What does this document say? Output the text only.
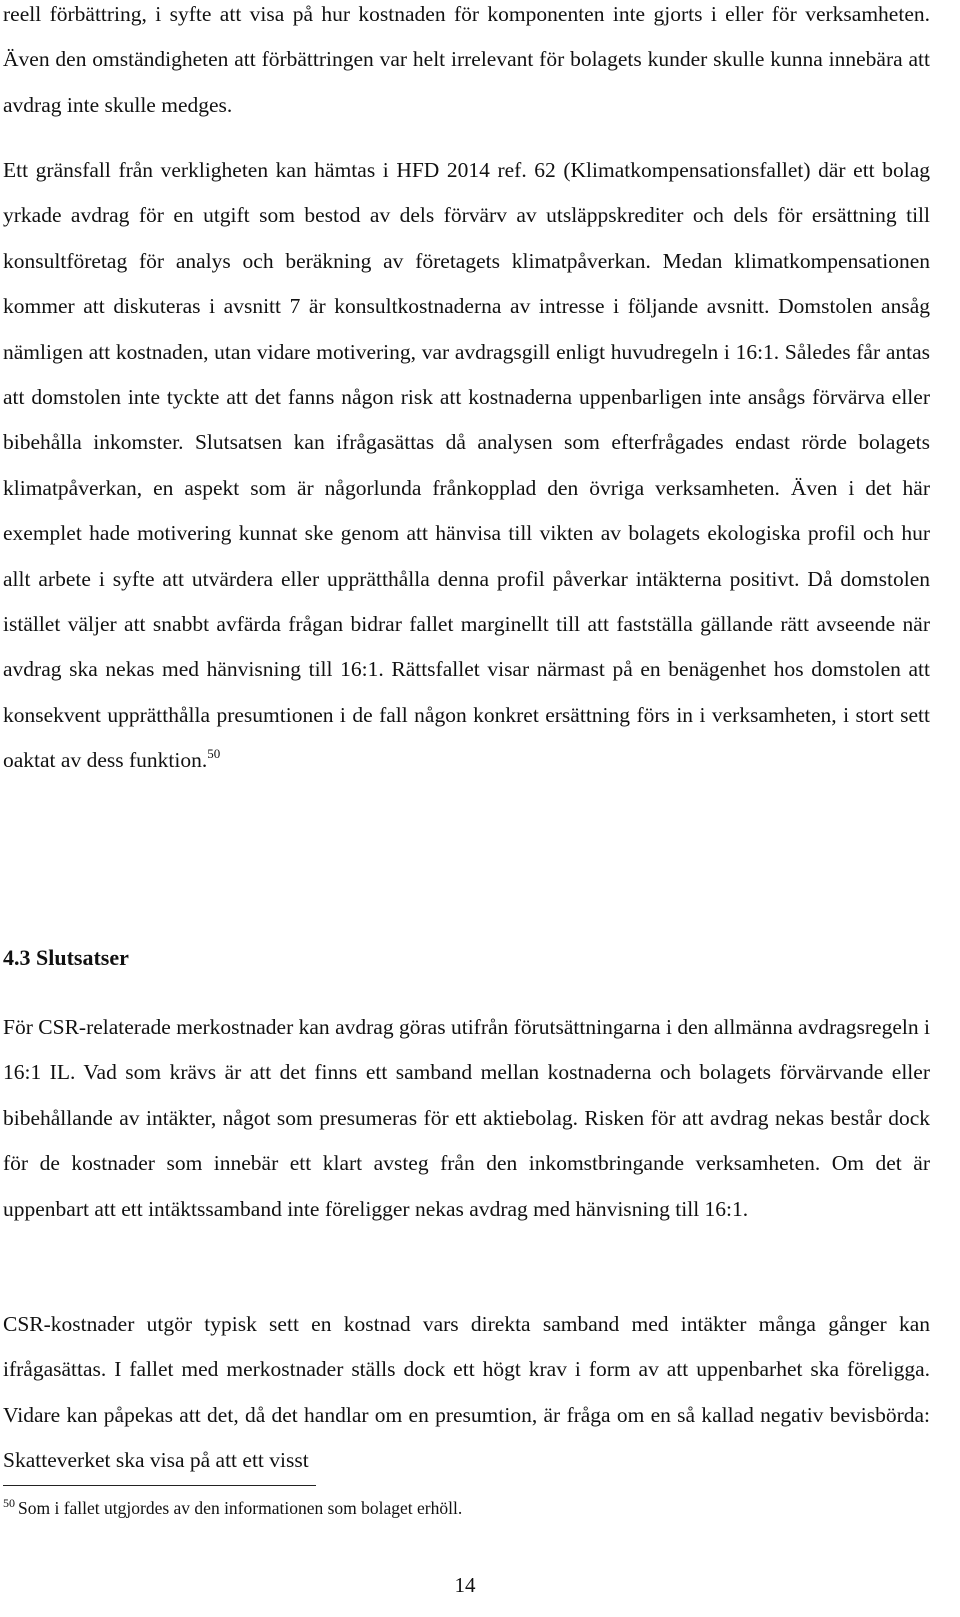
reell förbättring, i syfte att visa på hur kostnaden för komponenten inte gjorts i eller för verksamheten. Även den omständigheten att förbättringen var helt irrelevant för bolagets kunder skulle kunna innebära att avdrag inte skulle medges.

Ett gränsfall från verkligheten kan hämtas i HFD 2014 ref. 62 (Klimatkompensationsfallet) där ett bolag yrkade avdrag för en utgift som bestod av dels förvärv av utsläppskrediter och dels för ersättning till konsultföretag för analys och beräkning av företagets klimatpåverkan. Medan klimatkompensationen kommer att diskuteras i avsnitt 7 är konsultkostnaderna av intresse i följande avsnitt. Domstolen ansåg nämligen att kostnaden, utan vidare motivering, var avdragsgill enligt huvudregeln i 16:1. Således får antas att domstolen inte tyckte att det fanns någon risk att kostnaderna uppenbarligen inte ansågs förvärva eller bibehålla inkomster. Slutsatsen kan ifrågasättas då analysen som efterfrågades endast rörde bolagets klimatpåverkan, en aspekt som är någorlunda frånkopplad den övriga verksamheten. Även i det här exemplet hade motivering kunnat ske genom att hänvisa till vikten av bolagets ekologiska profil och hur allt arbete i syfte att utvärdera eller upprätthålla denna profil påverkar intäkterna positivt. Då domstolen istället väljer att snabbt avfärda frågan bidrar fallet marginellt till att fastställa gällande rätt avseende när avdrag ska nekas med hänvisning till 16:1. Rättsfallet visar närmast på en benägenhet hos domstolen att konsekvent upprätthålla presumtionen i de fall någon konkret ersättning förs in i verksamheten, i stort sett oaktat av dess funktion.$^{50}$

4.3 Slutsatser

För CSR-relaterade merkostnader kan avdrag göras utifrån förutsättningarna i den allmänna avdragsregeln i 16:1 IL. Vad som krävs är att det finns ett samband mellan kostnaderna och bolagets förvärvande eller bibehållande av intäkter, något som presumeras för ett aktiebolag. Risken för att avdrag nekas består dock för de kostnader som innebär ett klart avsteg från den inkomstbringande verksamheten. Om det är uppenbart att ett intäktssamband inte föreligger nekas avdrag med hänvisning till 16:1.

CSR-kostnader utgör typisk sett en kostnad vars direkta samband med intäkter många gånger kan ifrågasättas. I fallet med merkostnader ställs dock ett högt krav i form av att uppenbarhet ska föreligga. Vidare kan påpekas att det, då det handlar om en presumtion, är fråga om en så kallad negativ bevisbörda: Skatteverket ska visa på att ett visst

$^{50}$ Som i fallet utgjordes av den informationen som bolaget erhöll.

14
